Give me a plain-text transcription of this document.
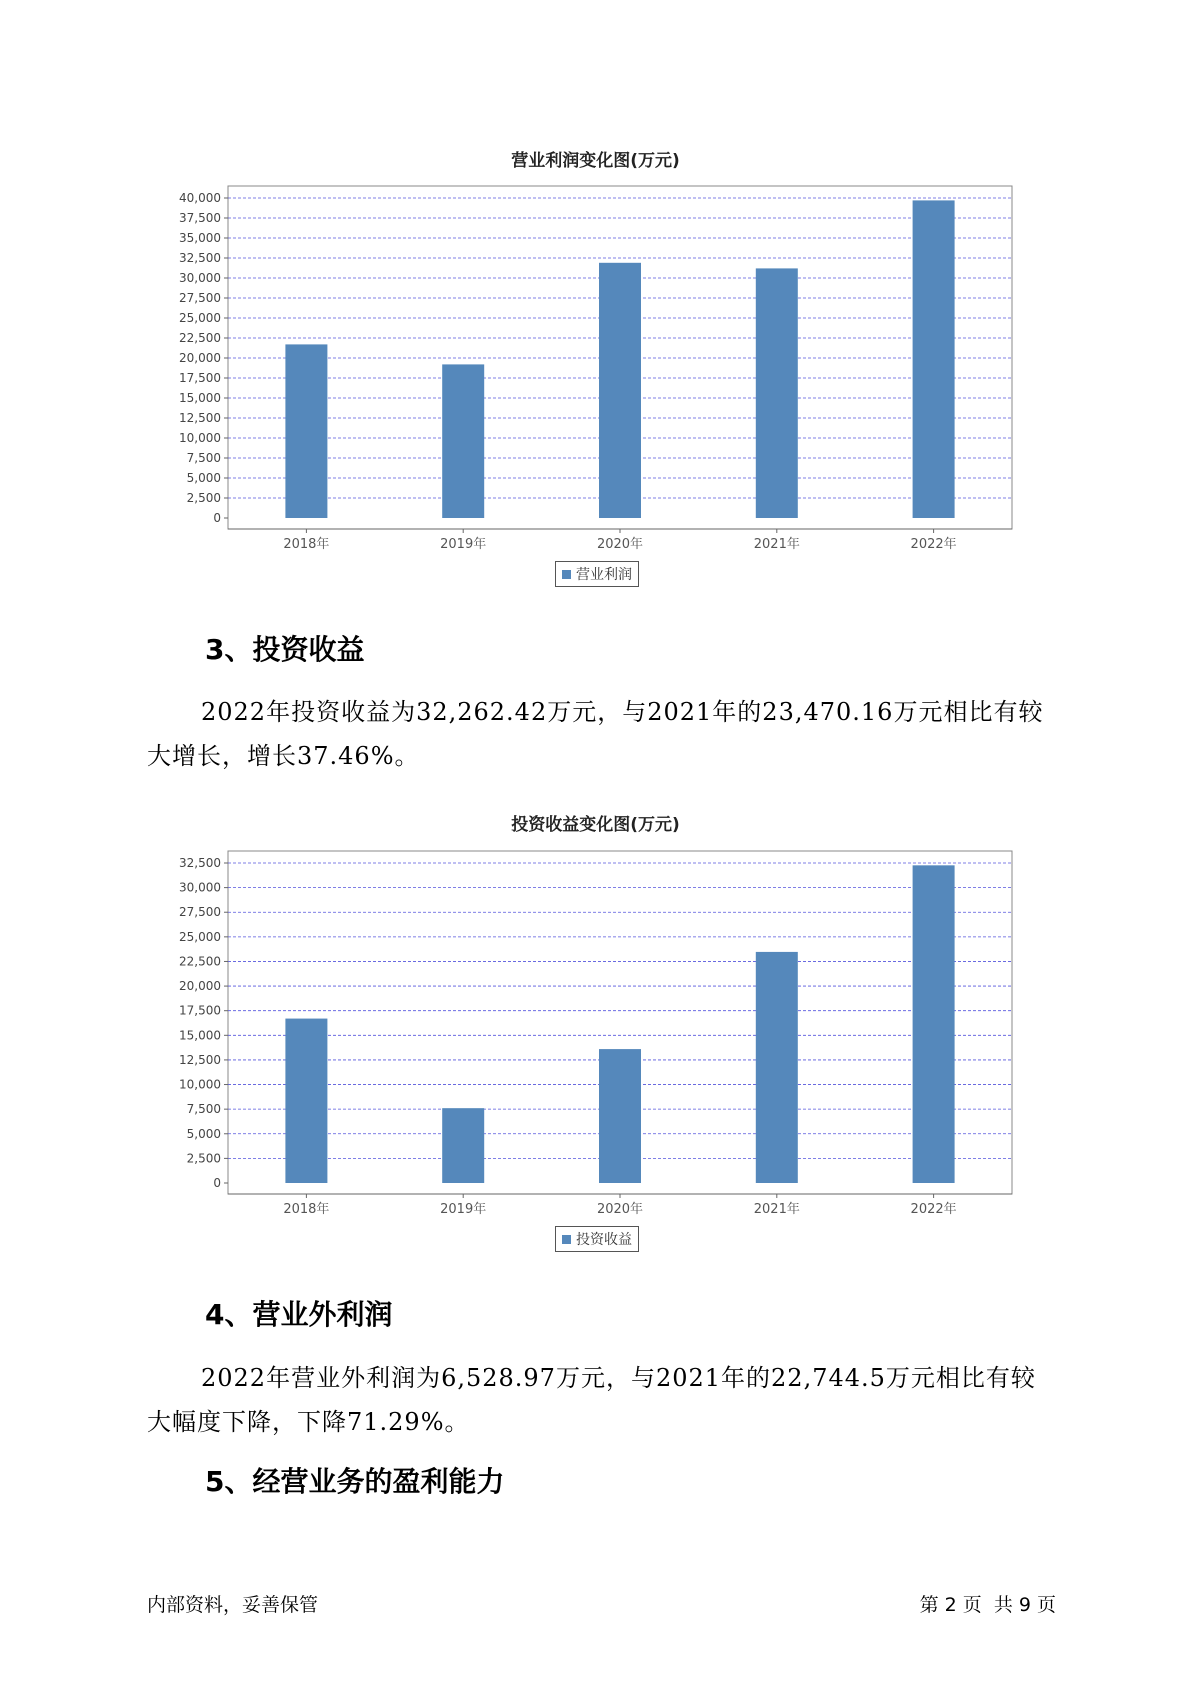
营业利润变化图(万元)
0
2,500
5,000
7,500
10,000
12,500
15,000
17,500
20,000
22,500
25,000
27,500
30,000
32,500
35,000
37,500
40,000
2018年	2019年	2020年	2021年	2022年
营业利润
3、投资收益
2022年投资收益为32,262.42万元，与2021年的23,470.16万元相比有较大增长，增长37.46%。
投资收益变化图(万元)
0
2,500
5,000
7,500
10,000
12,500
15,000
17,500
20,000
22,500
25,000
27,500
30,000
32,500
2018年	2019年	2020年	2021年	2022年
投资收益
4、营业外利润
2022年营业外利润为6,528.97万元，与2021年的22,744.5万元相比有较大幅度下降，下降71.29%。
5、经营业务的盈利能力
内部资料，妥善保管	第 2 页  共 9 页
